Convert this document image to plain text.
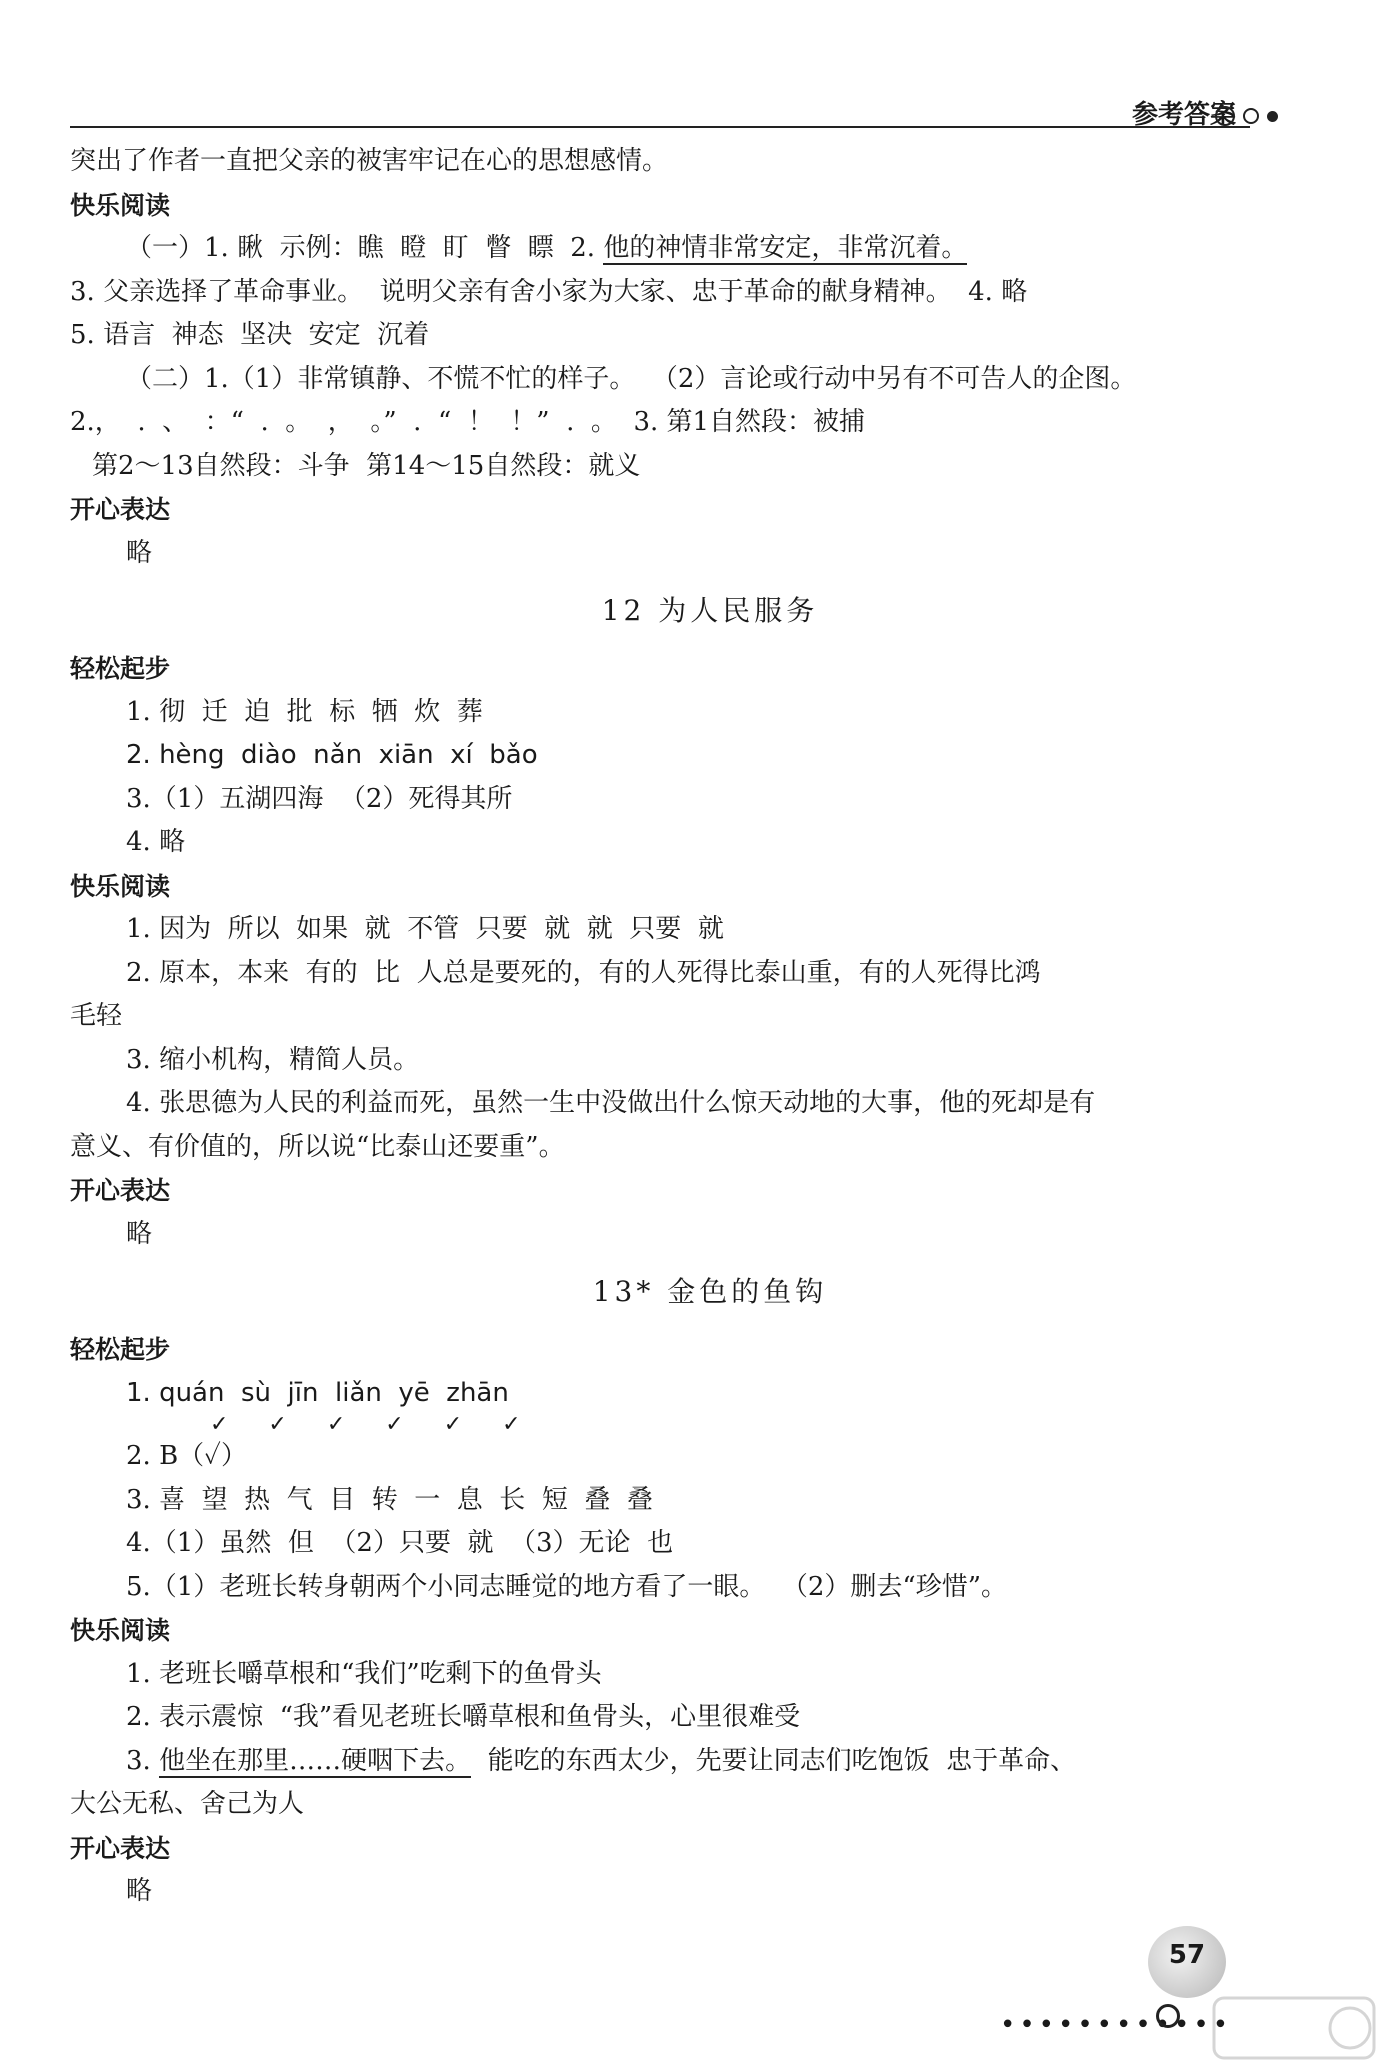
参考答案
突出了作者一直把父亲的被害牢记在心的思想感情。
快乐阅读
（一）1. 瞅  示例：瞧  瞪  盯  瞥  瞟  2. 他的神情非常安定，非常沉着。
3. 父亲选择了革命事业。  说明父亲有舍小家为大家、忠于革命的献身精神。  4. 略
5. 语言  神态  坚决  安定  沉着
（二）1.（1）非常镇静、不慌不忙的样子。  （2）言论或行动中另有不可告人的企图。
2.，  .  、  ：“  .  。  ，  。”  .  “  ！  ！”  .  。  3. 第1自然段：被捕
第2～13自然段：斗争  第14～15自然段：就义
开心表达
略
12 为人民服务
轻松起步
1. 彻  迁  迫  批  标  牺  炊  葬
2. hèng  diào  nǎn  xiān  xí  bǎo
3.（1）五湖四海  （2）死得其所
4. 略
快乐阅读
1. 因为  所以  如果  就  不管  只要  就  就  只要  就
2. 原本，本来  有的  比  人总是要死的，有的人死得比泰山重，有的人死得比鸿
毛轻
3. 缩小机构，精简人员。
4. 张思德为人民的利益而死，虽然一生中没做出什么惊天动地的大事，他的死却是有
意义、有价值的，所以说“比泰山还要重”。
开心表达
略
13* 金色的鱼钩
轻松起步
1. quán  sù  jīn  liǎn  yē  zhān
✓✓✓✓✓✓
2. B（✓）
3. 喜  望  热  气  目  转  一  息  长  短  叠  叠
4.（1）虽然  但  （2）只要  就  （3）无论  也
5.（1）老班长转身朝两个小同志睡觉的地方看了一眼。  （2）删去“珍惜”。
快乐阅读
1. 老班长嚼草根和“我们”吃剩下的鱼骨头
2. 表示震惊  “我”看见老班长嚼草根和鱼骨头，心里很难受
3. 他坐在那里……硬咽下去。  能吃的东西太少，先要让同志们吃饱饭  忠于革命、
大公无私、舍己为人
开心表达
略
57
••••••••••••
